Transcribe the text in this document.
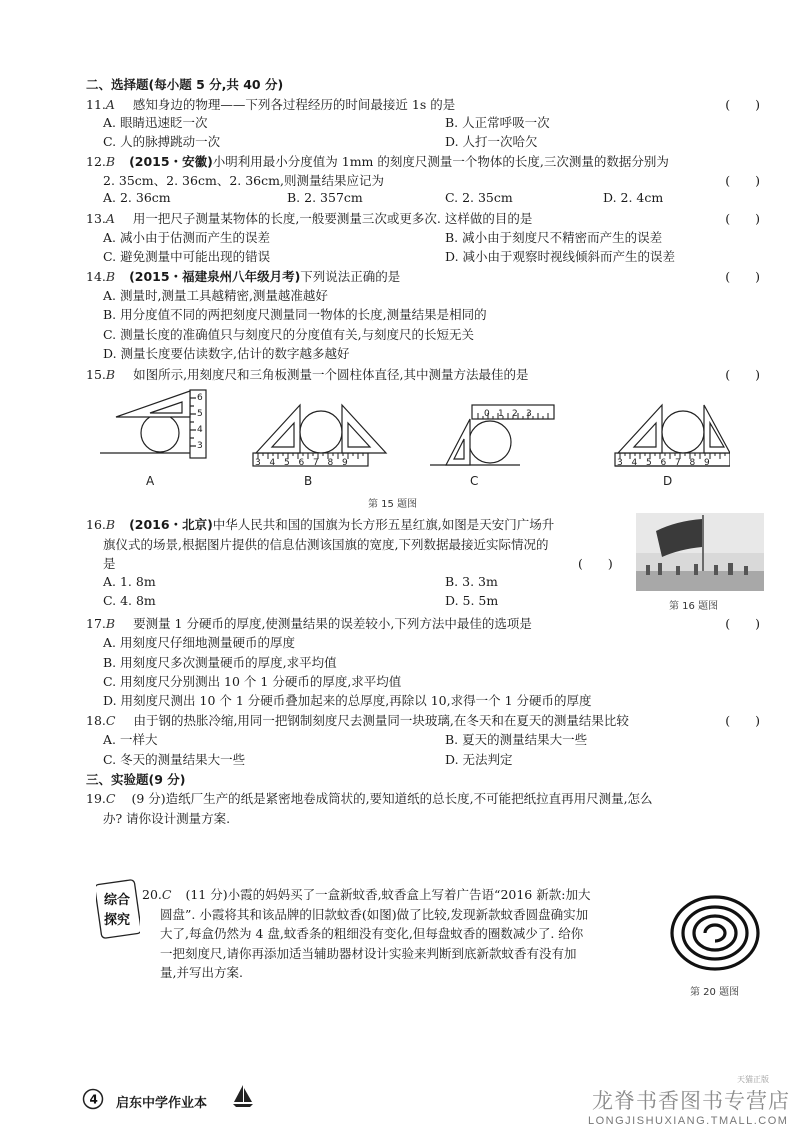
二、选择题(每小题 5 分,共 40 分)
11.A 感知身边的物理——下列各过程经历的时间最接近 1s 的是	(　　)
A. 眼睛迅速眨一次	B. 人正常呼吸一次
C. 人的脉搏跳动一次	D. 人打一次哈欠
12.B (2015・安徽)小明利用最小分度值为 1mm 的刻度尺测量一个物体的长度,三次测量的数据分别为
2. 35cm、2. 36cm、2. 36cm,则测量结果应记为	(　　)
A. 2. 36cm	B. 2. 357cm	C. 2. 35cm	D. 2. 4cm
13.A 用一把尺子测量某物体的长度,一般要测量三次或更多次. 这样做的目的是	(　　)
A. 减小由于估测而产生的误差	B. 减小由于刻度尺不精密而产生的误差
C. 避免测量中可能出现的错误	D. 减小由于观察时视线倾斜而产生的误差
14.B (2015・福建泉州八年级月考)下列说法正确的是	(　　)
A. 测量时,测量工具越精密,测量越准越好
B. 用分度值不同的两把刻度尺测量同一物体的长度,测量结果是相同的
C. 测量长度的准确值只与刻度尺的分度值有关,与刻度尺的长短无关
D. 测量长度要估读数字,估计的数字越多越好
15.B 如图所示,用刻度尺和三角板测量一个圆柱体直径,其中测量方法最佳的是	(　　)
3
4
5
6
3 4 5 6 7 8 9	3 4 5 6 7 8 9
3
2
1
0
A	B	C	D
第 15 题图
16.B (2016・北京)中华人民共和国的国旗为长方形五星红旗,如图是天安门广场升
旗仪式的场景,根据图片提供的信息估测该国旗的宽度,下列数据最接近实际情况的
是	(　　)
A. 1. 8m	B. 3. 3m
C. 4. 8m	D. 5. 5m	第 16 题图
17.B 要测量 1 分硬币的厚度,使测量结果的误差较小,下列方法中最佳的选项是	(　　)
A. 用刻度尺仔细地测量硬币的厚度
B. 用刻度尺多次测量硬币的厚度,求平均值
C. 用刻度尺分别测出 10 个 1 分硬币的厚度,求平均值
D. 用刻度尺测出 10 个 1 分硬币叠加起来的总厚度,再除以 10,求得一个 1 分硬币的厚度
18.C 由于钢的热胀冷缩,用同一把钢制刻度尺去测量同一块玻璃,在冬天和在夏天的测量结果比较	(　　)
A. 一样大	B. 夏天的测量结果大一些
C. 冬天的测量结果大一些	D. 无法判定
三、实验题(9 分)
19.C (9 分)造纸厂生产的纸是紧密地卷成筒状的,要知道纸的总长度,不可能把纸拉直再用尺测量,怎么
办? 请你设计测量方案.
综合
探究
20.C (11 分)小霞的妈妈买了一盒新蚊香,蚊香盒上写着广告语“2016 新款:加大
圆盘”. 小霞将其和该品牌的旧款蚊香(如图)做了比较,发现新款蚊香圆盘确实加
大了,每盒仍然为 4 盘,蚊香条的粗细没有变化,但每盘蚊香的圈数减少了. 给你
一把刻度尺,请你再添加适当辅助器材设计实验来判断到底新款蚊香有没有加
量,并写出方案.
第 20 题图
4 启东中学作业本
天猫正版
龙脊书香图书专营店
LONGJISHUXIANG.TMALL.COM
